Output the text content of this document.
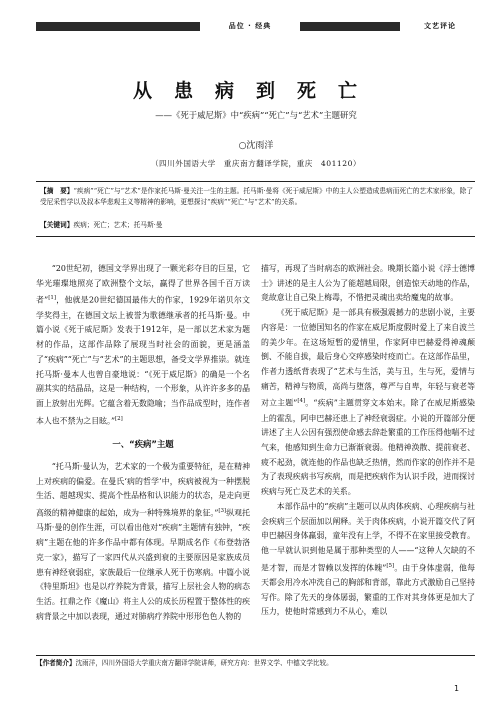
品位 · 经典	文艺评论
从患病到死亡
——《死于威尼斯》中“疾病”“死亡”与“艺术”主题研究
○沈雨洋
（四川外国语大学　重庆南方翻译学院，重庆　401120）
【摘　要】“疾病”“死亡”与“艺术”是作家托马斯·曼关注一生的主题。托马斯·曼将《死于威尼斯》中的主人公塑造成患病而死亡的艺术家形象，除了受尼采哲学以及叔本华悲观主义等精神的影响，更想探讨“疾病”“死亡”与“艺术”的关系。
【关键词】疾病；死亡；艺术；托马斯·曼

“20世纪初，德国文学界出现了一颗光彩夺目的巨星，它华光璀璨地照亮了欧洲整个文坛，赢得了世界各国千百万读者”[1]，他就是20世纪德国最伟大的作家，1929年诺贝尔文学奖得主，在德国文坛上被誉为歌德继承者的托马斯·曼。中篇小说《死于威尼斯》发表于1912年，是一部以艺术家为题材的作品，这部作品除了展现当时社会的面貌，更是涵盖了“疾病”“死亡”与“艺术”的主题思想，备受文学界推崇。就连托马斯·曼本人也曾自豪地说：“《死于威尼斯》的确是一个名副其实的结晶品，这是一种结构，一个形象，从许许多多的晶面上放射出光辉。它蕴含着无数隐喻；当作品成型时，连作者本人也不禁为之目眩。”[2]

一、“疾病”主题

“托马斯·曼认为，艺术家的一个极为重要特征，是在精神上对疾病的偏爱。在曼氏‘病的哲学’中，疾病被视为一种摆脱生活、超越现实、提高个性品格和认识能力的状态，是走向更高级的精神健康的起始，成为一种特殊境界的象征。”[3]纵观托马斯·曼的创作生涯，可以看出他对“疾病”主题情有独钟，“疾病”主题在他的许多作品中都有体现。早期成名作《布登勃洛克一家》，描写了一家四代从兴盛到衰的主要原因是家族成员患有神经衰弱症，家族最后一位继承人死于伤寒病。中篇小说《特里斯坦》也是以疗养院为背景，描写上层社会人物的病态生活。扛鼎之作《魔山》将主人公的成长历程置于整体性的疾病背景之中加以表现，通过对肺病疗养院中形形色色人物的

描写，再现了当时病态的欧洲社会。晚期长篇小说《浮士德博士》讲述的是主人公为了能超越局限，创造惊天动地的作品，竟故意让自己染上梅毒，不惜把灵魂出卖给魔鬼的故事。

《死于威尼斯》是一部具有极强震撼力的悲剧小说，主要内容是：一位德国知名的作家在威尼斯度假时爱上了来自波兰的美少年。在这场短暂的爱情里，作家阿申巴赫爱得神魂颠倒、不能自拔，最后身心交瘁感染时疫而亡。在这部作品里，作者力透纸背表现了“艺术与生活，美与丑，生与死，爱情与痛苦，精神与物质，高尚与堕落，尊严与自卑，年轻与衰老等对立主题”[4]。“疾病”主题贯穿文本始末。除了在威尼斯感染上的霍乱，阿申巴赫还患上了神经衰弱症。小说的开篇部分便讲述了主人公因有强烈使命感去辞赴繁重的工作压得他喘不过气来，他感知到生命力已渐渐衰弱。他精神涣散、提前衰老、疲不起劲，就连他的作品也缺乏热情，然而作家的创作并不是为了表现疾病书写疾病，而是把疾病作为认识手段，进而探讨疾病与死亡及艺术的关系。

本部作品中的“疾病”主题可以从肉体疾病、心理疾病与社会疾病三个层面加以阐释。关于肉体疾病，小说开篇交代了阿申巴赫因身体羸弱，童年没有上学，不得不在家里接受教育。他一早就认识到他是属于那种类型的人——“这种人欠缺的不是才智，而是才智赖以发挥的体魄”[5]。由于身体虚弱，他每天都会用冷水冲洗自己的胸部和背部，靠此方式激励自己坚持写作。除了先天的身体孱弱，繁重的工作对其身体更是加大了压力，使他时常感到力不从心，难以

【作者简介】沈雨洋，四川外国语大学重庆南方翻译学院讲师，研究方向：世界文学、中德文学比较。
1
